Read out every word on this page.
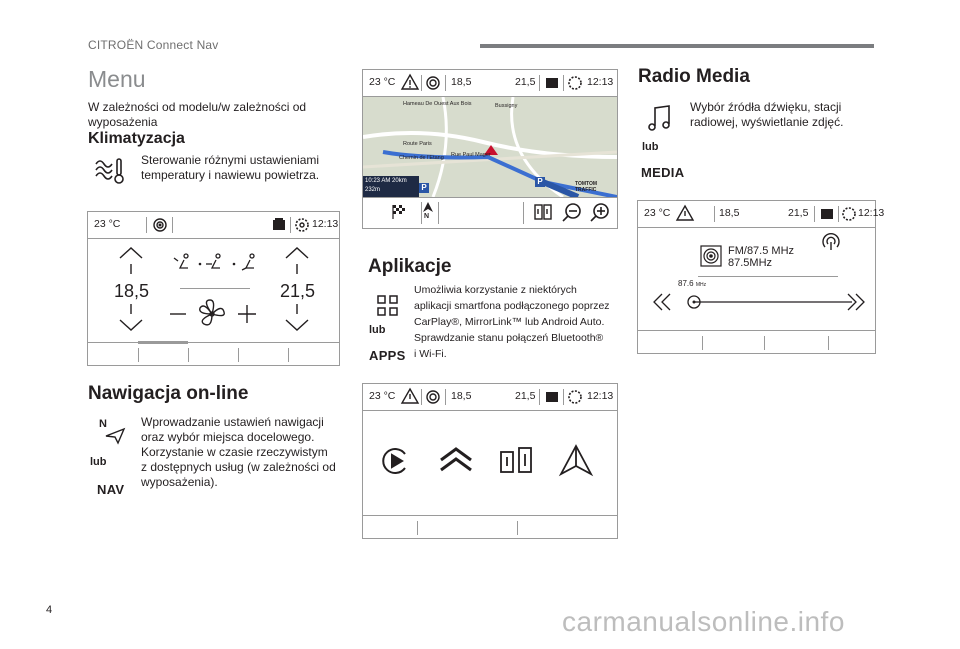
CITROËN Connect Nav
Menu
W zależności od modelu/w zależności od wyposażenia
Klimatyzacja
Sterowanie różnymi ustawieniami
temperatury i nawiewu powietrza.
23 °C	12:13
18,5	21,5
Nawigacja on-line
N
lub
NAV
Wprowadzanie ustawień nawigacji
oraz wybór miejsca docelowego.
Korzystanie w czasie rzeczywistym
z dostępnych usług (w zależności od
wyposażenia).
23 °C	18,5	21,5	12:13
Hameau De Ouest Aux Bois	Bussigny
Route Paris
Rue Paul Mager
Chemin de l'Etang
10:23 AM 20km
232m	P
P	TOMTOM TRAFFIC
N
Aplikacje
lub
APPS
Umożliwia korzystanie z niektórych
aplikacji smartfona podłączonego poprzez
CarPlay®, MirrorLink™ lub Android Auto.
Sprawdzanie stanu połączeń Bluetooth®
i Wi-Fi.
23 °C	18,5	21,5	12:13
Radio Media
lub
MEDIA
Wybór źródła dźwięku, stacji
radiowej, wyświetlanie zdjęć.
23 °C	18,5	21,5	12:13
FM/87.5 MHz
87.5MHz
87.6 MHz
4	carmanualsonline.info
